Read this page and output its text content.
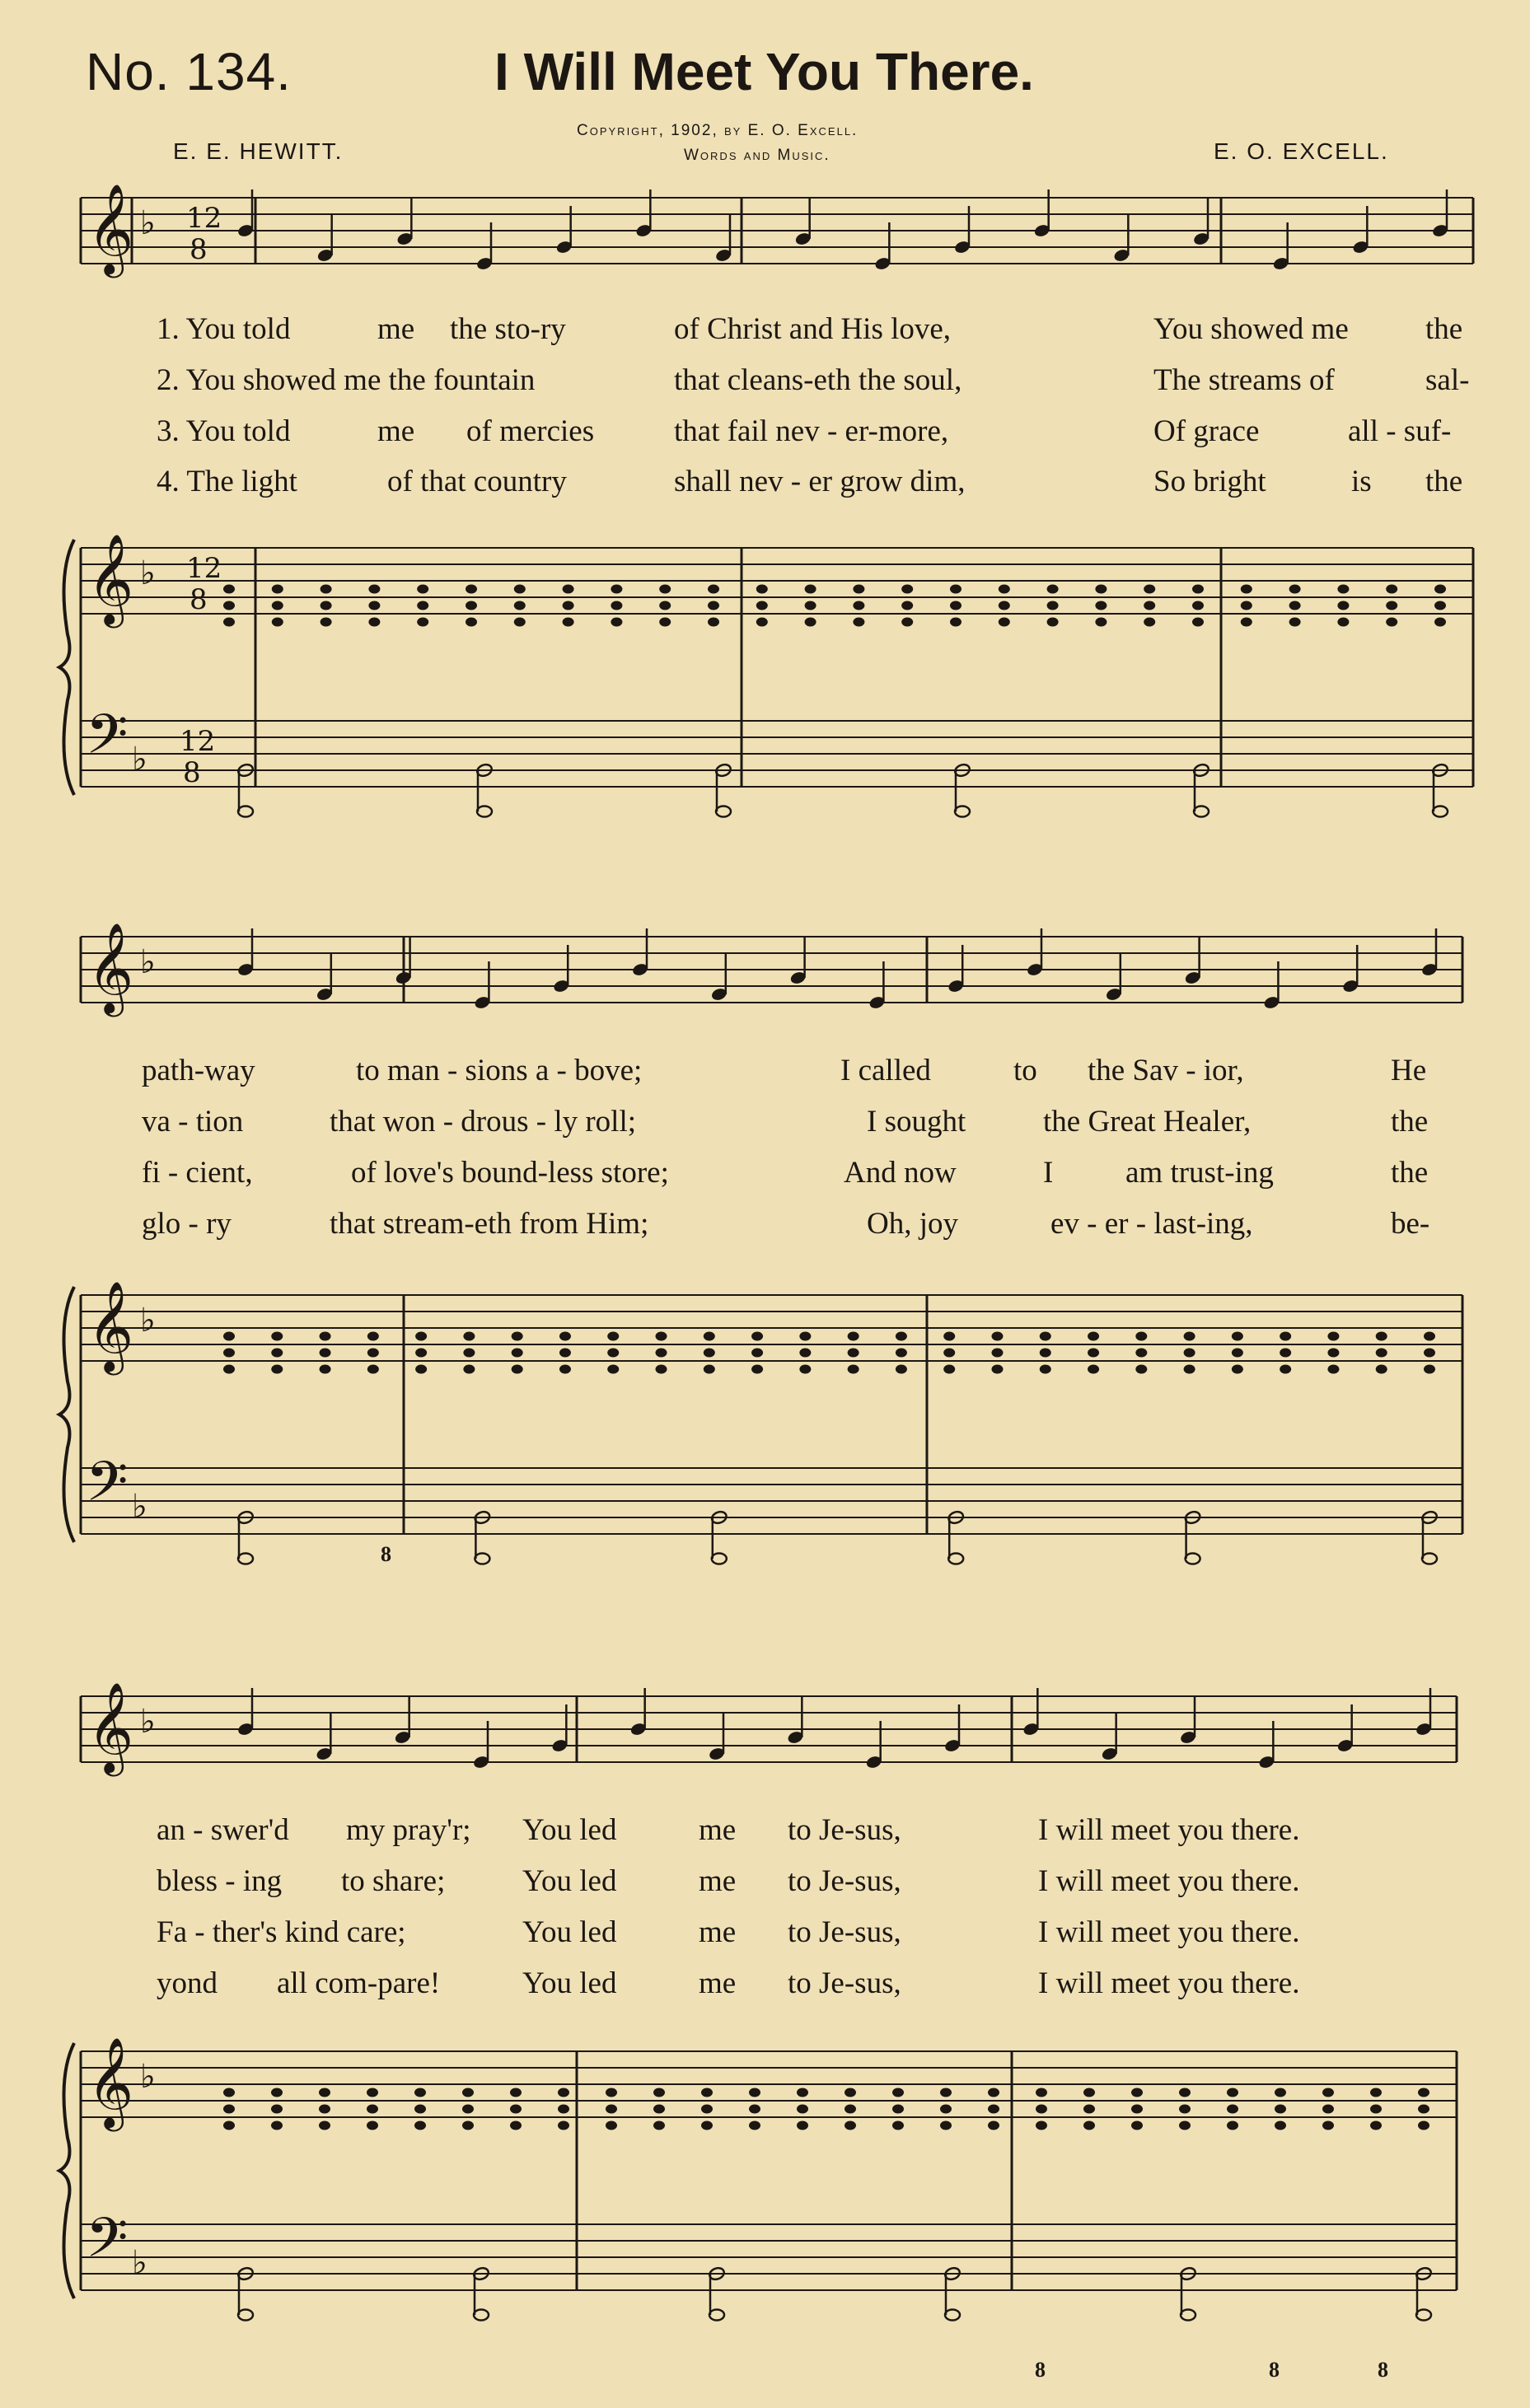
No. 134.	I Will Meet You There.
E. E. HEWITT.	E. O. EXCELL.
Copyright, 1902, by E. O. Excell.
Words and Music.
1. You told	me the sto-ry	of Christ and His love,	You showed me	the
2. You showed me the fountain	that cleans-eth the soul,	The streams of	sal-
3. You told	me of mercies	that fail nev - er-more,	Of grace	all - suf-
4. The light	of that country	shall nev - er grow dim,	So bright	is the
path-way	to man - sions a - bove;	I called	to the Sav - ior,	He
va - tion	that won - drous - ly roll;	I sought	the Great Healer,	the
fi - cient,	of love's bound-less store;	And now	I am trust-ing	the
glo - ry	that stream-eth from Him;	Oh, joy	ev - er - last-ing,	be-
an - swer'd my pray'r; You led	me to Je-sus,	I will meet you there.
bless - ing to share;	You led	me to Je-sus,	I will meet you there.
Fa - ther's kind care;	You led	me to Je-sus,	I will meet you there.
yond all com-pare!	You led	me to Je-sus,	I will meet you there.
8
8	8	8
𝄞
𝄞
𝄢
♭
♭
♭
12
8
12
8
12
8
𝄞
𝄞
𝄢
♭
♭
♭
𝄞
𝄞
𝄢
♭
♭
♭
